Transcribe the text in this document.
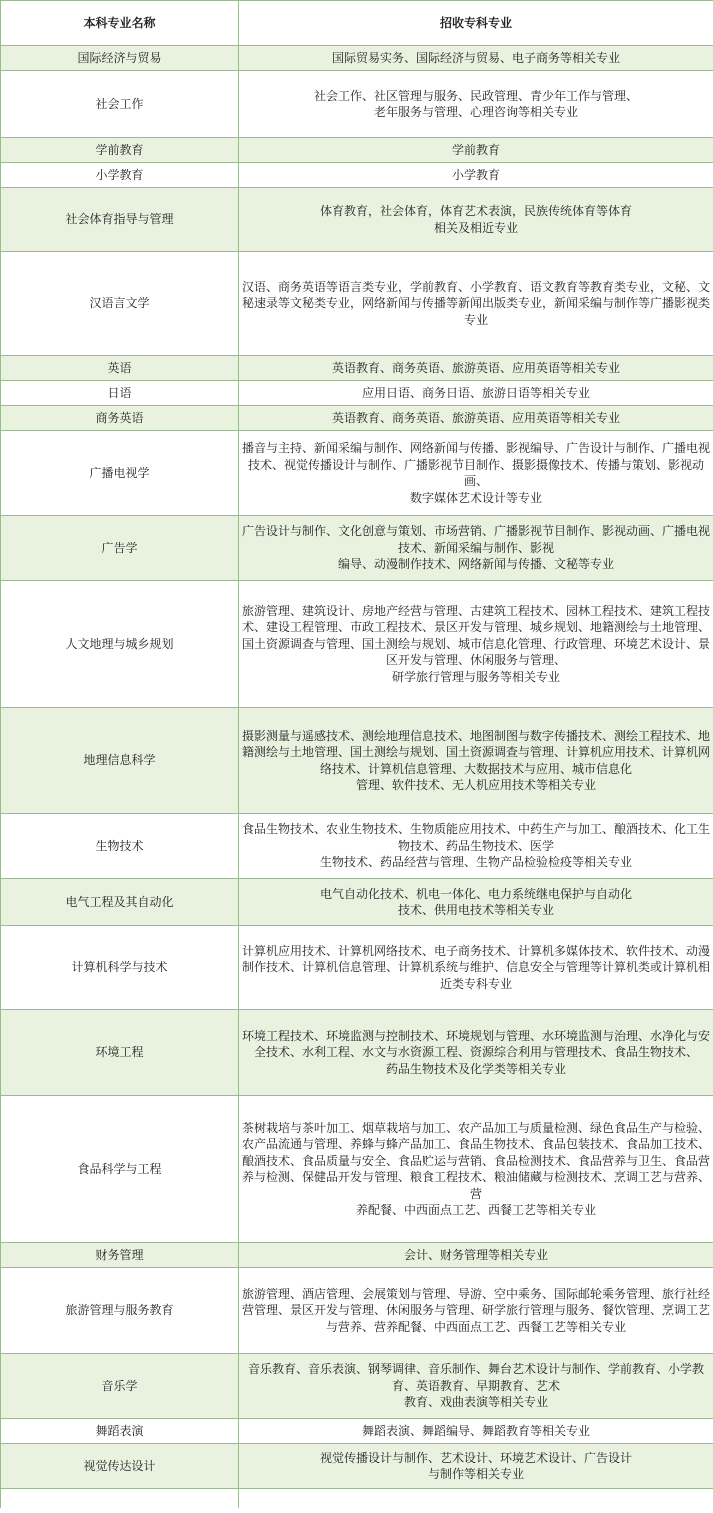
本科专业名称	招收专科专业
国际经济与贸易	国际贸易实务、国际经济与贸易、电子商务等相关专业

社会工作	社会工作、社区管理与服务、民政管理、青少年工作与管理、
老年服务与管理、心理咨询等相关专业

学前教育	学前教育

小学教育	小学教育

社会体育指导与管理	体育教育，社会体育，体育艺术表演，民族传统体育等体育
相关及相近专业

汉语言文学	汉语、商务英语等语言类专业，学前教育、小学教育、语文教育等教育类专业，文秘、文秘速录等文秘类专业，网络新闻与传播等新闻出版类专业，新闻采编与制作等广播影视类
专业

英语	英语教育、商务英语、旅游英语、应用英语等相关专业

日语	应用日语、商务日语、旅游日语等相关专业

商务英语	英语教育、商务英语、旅游英语、应用英语等相关专业

广播电视学	播音与主持、新闻采编与制作、网络新闻与传播、影视编导、广告设计与制作、广播电视技术、视觉传播设计与制作、广播影视节目制作、摄影摄像技术、传播与策划、影视动画、
数字媒体艺术设计等专业

广告学	广告设计与制作、文化创意与策划、市场营销、广播影视节目制作、影视动画、广播电视技术、新闻采编与制作、影视
编导、动漫制作技术、网络新闻与传播、文秘等专业

人文地理与城乡规划	旅游管理、建筑设计、房地产经营与管理、古建筑工程技术、园林工程技术、建筑工程技术、建设工程管理、市政工程技术、景区开发与管理、城乡规划、地籍测绘与土地管理、国土资源调查与管理、国土测绘与规划、城市信息化管理、行政管理、环境艺术设计、景区开发与管理、休闲服务与管理、
研学旅行管理与服务等相关专业

地理信息科学	摄影测量与遥感技术、测绘地理信息技术、地图制图与数字传播技术、测绘工程技术、地籍测绘与土地管理、国土测绘与规划、国土资源调查与管理、计算机应用技术、计算机网络技术、计算机信息管理、大数据技术与应用、城市信息化
管理、软件技术、无人机应用技术等相关专业

生物技术	食品生物技术、农业生物技术、生物质能应用技术、中药生产与加工、酿酒技术、化工生物技术、药品生物技术、医学
生物技术、药品经营与管理、生物产品检验检疫等相关专业

电气工程及其自动化	电气自动化技术、机电一体化、电力系统继电保护与自动化
技术、供用电技术等相关专业

计算机科学与技术	计算机应用技术、计算机网络技术、电子商务技术、计算机多媒体技术、软件技术、动漫制作技术、计算机信息管理、计算机系统与维护、信息安全与管理等计算机类或计算机相
近类专科专业

环境工程	环境工程技术、环境监测与控制技术、环境规划与管理、水环境监测与治理、水净化与安全技术、水利工程、水文与水资源工程、资源综合利用与管理技术、食品生物技术、
药品生物技术及化学类等相关专业

食品科学与工程	茶树栽培与茶叶加工、烟草栽培与加工、农产品加工与质量检测、绿色食品生产与检验、农产品流通与管理、养蜂与蜂产品加工、食品生物技术、食品包装技术、食品加工技术、酿酒技术、食品质量与安全、食品贮运与营销、食品检测技术、食品营养与卫生、食品营养与检测、保健品开发与管理、粮食工程技术、粮油储藏与检测技术、烹调工艺与营养、营
养配餐、中西面点工艺、西餐工艺等相关专业

财务管理	会计、财务管理等相关专业

旅游管理与服务教育	旅游管理、酒店管理、会展策划与管理、导游、空中乘务、国际邮轮乘务管理、旅行社经营管理、景区开发与管理、休闲服务与管理、研学旅行管理与服务、餐饮管理、烹调工艺
与营养、营养配餐、中西面点工艺、西餐工艺等相关专业

音乐学	音乐教育、音乐表演、钢琴调律、音乐制作、舞台艺术设计与制作、学前教育、小学教育、英语教育、早期教育、艺术
教育、戏曲表演等相关专业

舞蹈表演	舞蹈表演、舞蹈编导、舞蹈教育等相关专业

视觉传达设计	视觉传播设计与制作、艺术设计、环境艺术设计、广告设计
与制作等相关专业
